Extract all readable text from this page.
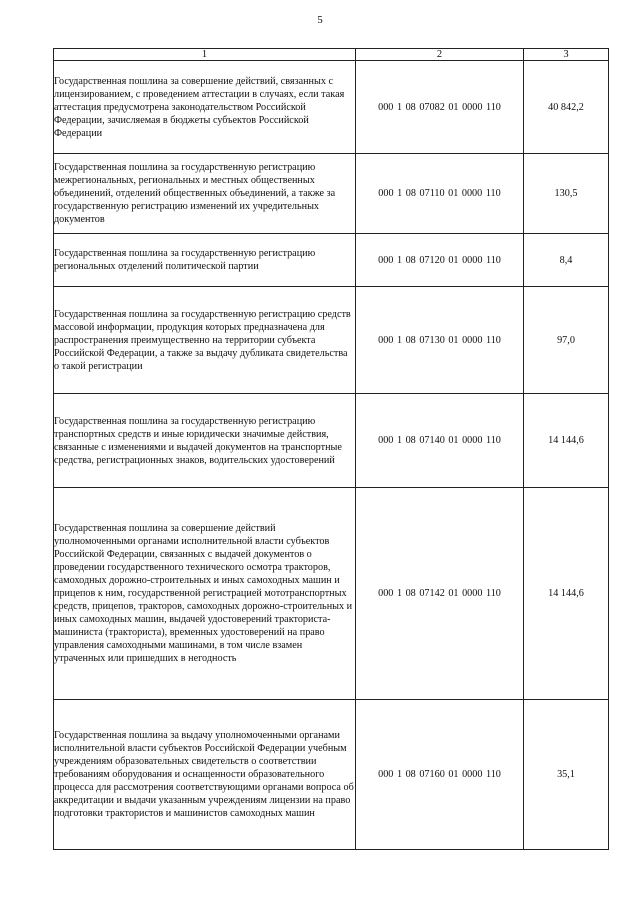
5
1	2	3
Государственная пошлина за совершение действий, связанных с лицензированием, с проведением аттестации в случаях, если такая аттестация предусмотрена законодательством Российской Федерации, зачисляемая в бюджеты субъектов Российской Федерации	000 1 08 07082 01 0000 110	40 842,2
Государственная пошлина за государственную регистрацию межрегиональных, региональных и местных общественных объединений, отделений общественных объединений, а также за государственную регистрацию изменений их учредительных документов	000 1 08 07110 01 0000 110	130,5
Государственная пошлина за государственную регистрацию региональных отделений политической партии	000 1 08 07120 01 0000 110	8,4
Государственная пошлина за государственную регистрацию средств массовой информации, продукция которых предназначена для распространения преимущественно на территории субъекта Российской Федерации, а также за выдачу дубликата свидетельства о такой регистрации	000 1 08 07130 01 0000 110	97,0
Государственная пошлина за государственную регистрацию транспортных средств и иные юридически значимые действия, связанные с изменениями и выдачей документов на транспортные средства, регистрационных знаков, водительских удостоверений	000 1 08 07140 01 0000 110	14 144,6
Государственная пошлина за совершение действий уполномоченными органами исполнительной власти субъектов Российской Федерации, связанных с выдачей документов о проведении государственного технического осмотра тракторов, самоходных дорожно-строительных и иных самоходных машин и прицепов к ним, государственной регистрацией мототранспортных средств, прицепов, тракторов, самоходных дорожно-строительных и иных самоходных машин, выдачей удостоверений тракториста-машиниста (тракториста), временных удостоверений на право управления самоходными машинами, в том числе взамен утраченных или пришедших в негодность	000 1 08 07142 01 0000 110	14 144,6
Государственная пошлина за выдачу уполномоченными органами исполнительной власти субъектов Российской Федерации учебным учреждениям образовательных свидетельств о соответствии требованиям оборудования и оснащенности образовательного процесса для рассмотрения соответствующими органами вопроса об аккредитации и выдачи указанным учреждениям лицензии на право подготовки трактористов и машинистов самоходных машин	000 1 08 07160 01 0000 110	35,1
